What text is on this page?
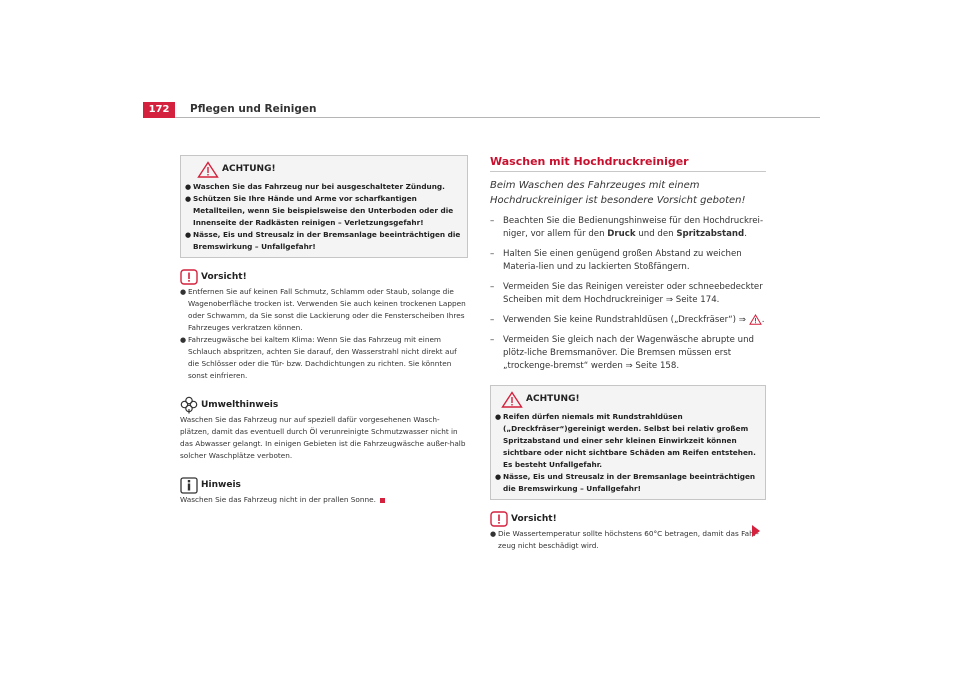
172	Pflegen und Reinigen
ACHTUNG!
● Waschen Sie das Fahrzeug nur bei ausgeschalteter Zündung.
● Schützen Sie Ihre Hände und Arme vor scharfkantigen Metallteilen, wenn Sie beispielsweise den Unterboden oder die Innenseite der Radkästen reinigen – Verletzungsgefahr!
● Nässe, Eis und Streusalz in der Bremsanlage beeinträchtigen die Bremswirkung – Unfallgefahr!
Vorsicht!
● Entfernen Sie auf keinen Fall Schmutz, Schlamm oder Staub, solange die Wagenoberfläche trocken ist. Verwenden Sie auch keinen trockenen Lappen oder Schwamm, da Sie sonst die Lackierung oder die Fensterscheiben Ihres Fahrzeuges verkratzen können.
● Fahrzeugwäsche bei kaltem Klima: Wenn Sie das Fahrzeug mit einem Schlauch abspritzen, achten Sie darauf, den Wasserstrahl nicht direkt auf die Schlösser oder die Tür- bzw. Dachdichtungen zu richten. Sie könnten sonst einfrieren.
Umwelthinweis
Waschen Sie das Fahrzeug nur auf speziell dafür vorgesehenen Wasch-plätzen, damit das eventuell durch Öl verunreinigte Schmutzwasser nicht in das Abwasser gelangt. In einigen Gebieten ist die Fahrzeugwäsche außer-halb solcher Waschplätze verboten.
Hinweis
Waschen Sie das Fahrzeug nicht in der prallen Sonne.
Waschen mit Hochdruckreiniger
Beim Waschen des Fahrzeuges mit einem Hochdruckreiniger ist besondere Vorsicht geboten!
–	Beachten Sie die Bedienungshinweise für den Hochdruckrei-niger, vor allem für den Druck und den Spritzabstand.
–	Halten Sie einen genügend großen Abstand zu weichen Materia-lien und zu lackierten Stoßfängern.
–	Vermeiden Sie das Reinigen vereister oder schneebedeckter Scheiben mit dem Hochdruckreiniger ⇒ Seite 174.
–	Verwenden Sie keine Rundstrahldüsen („Dreckfräser“) ⇒ .
–	Vermeiden Sie gleich nach der Wagenwäsche abrupte und plötz-liche Bremsmanöver. Die Bremsen müssen erst „trockenge-bremst“ werden ⇒ Seite 158.
ACHTUNG!
● Reifen dürfen niemals mit Rundstrahldüsen („Dreckfräser“)gereinigt werden. Selbst bei relativ großem Spritzabstand und einer sehr kleinen Einwirkzeit können sichtbare oder nicht sichtbare Schäden am Reifen entstehen. Es besteht Unfallgefahr.
● Nässe, Eis und Streusalz in der Bremsanlage beeinträchtigen die Bremswirkung – Unfallgefahr!
Vorsicht!
● Die Wassertemperatur sollte höchstens 60°C betragen, damit das Fahr-zeug nicht beschädigt wird.
